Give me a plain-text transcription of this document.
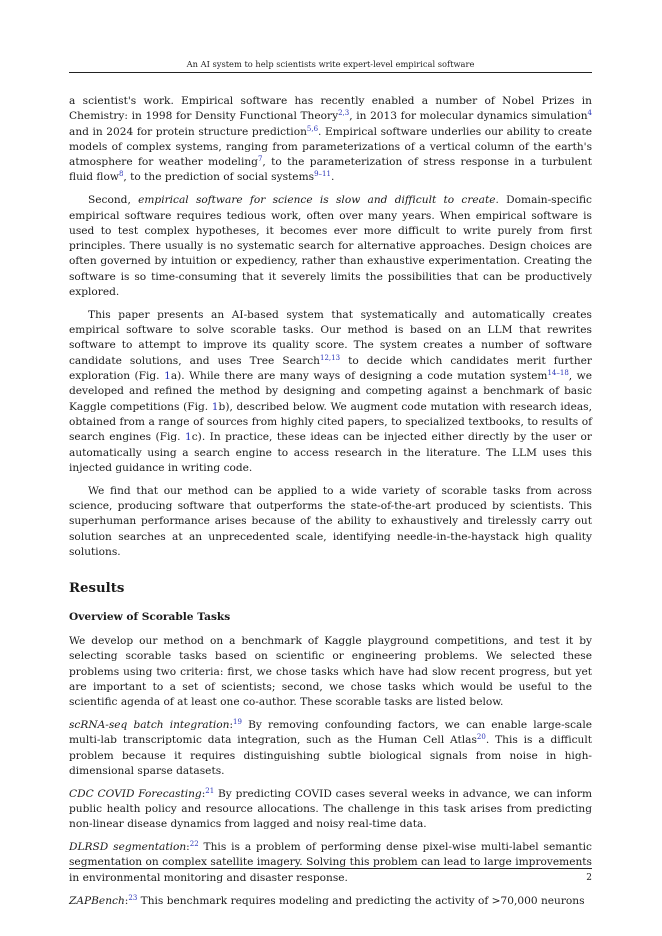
An AI system to help scientists write expert-level empirical software

a scientist's work. Empirical software has recently enabled a number of Nobel Prizes in Chemistry: in 1998 for Density Functional Theory$^{2,3}$, in 2013 for molecular dynamics simulation$^4$ and in 2024 for protein structure prediction$^{5,6}$. Empirical software underlies our ability to create models of complex systems, ranging from parameterizations of a vertical column of the earth's atmosphere for weather modeling$^7$, to the parameterization of stress response in a turbulent fluid flow$^8$, to the prediction of social systems$^{9-11}$.

Second, empirical software for science is slow and difficult to create. Domain-specific empirical software requires tedious work, often over many years. When empirical software is used to test complex hypotheses, it becomes ever more difficult to write purely from first principles. There usually is no systematic search for alternative approaches. Design choices are often governed by intuition or expediency, rather than exhaustive experimentation. Creating the software is so time-consuming that it severely limits the possibilities that can be productively explored.

This paper presents an AI-based system that systematically and automatically creates empirical software to solve scorable tasks. Our method is based on an LLM that rewrites software to attempt to improve its quality score. The system creates a number of software candidate solutions, and uses Tree Search$^{12,13}$ to decide which candidates merit further exploration (Fig. 1a). While there are many ways of designing a code mutation system$^{14-18}$, we developed and refined the method by designing and competing against a benchmark of basic Kaggle competitions (Fig. 1b), described below. We augment code mutation with research ideas, obtained from a range of sources from highly cited papers, to specialized textbooks, to results of search engines (Fig. 1c). In practice, these ideas can be injected either directly by the user or automatically using a search engine to access research in the literature. The LLM uses this injected guidance in writing code.

We find that our method can be applied to a wide variety of scorable tasks from across science, producing software that outperforms the state-of-the-art produced by scientists. This superhuman performance arises because of the ability to exhaustively and tirelessly carry out solution searches at an unprecedented scale, identifying needle-in-the-haystack high quality solutions.

Results
Overview of Scorable Tasks

We develop our method on a benchmark of Kaggle playground competitions, and test it by selecting scorable tasks based on scientific or engineering problems. We selected these problems using two criteria: first, we chose tasks which have had slow recent progress, but yet are important to a set of scientists; second, we chose tasks which would be useful to the scientific agenda of at least one co-author. These scorable tasks are listed below.

scRNA-seq batch integration:$^{19}$ By removing confounding factors, we can enable large-scale multi-lab transcriptomic data integration, such as the Human Cell Atlas$^{20}$. This is a difficult problem because it requires distinguishing subtle biological signals from noise in high-dimensional sparse datasets.

CDC COVID Forecasting:$^{21}$ By predicting COVID cases several weeks in advance, we can inform public health policy and resource allocations. The challenge in this task arises from predicting non-linear disease dynamics from lagged and noisy real-time data.

DLRSD segmentation:$^{22}$ This is a problem of performing dense pixel-wise multi-label semantic segmentation on complex satellite imagery. Solving this problem can lead to large improvements in environmental monitoring and disaster response.

ZAPBench:$^{23}$ This benchmark requires modeling and predicting the activity of >70,000 neurons

2
